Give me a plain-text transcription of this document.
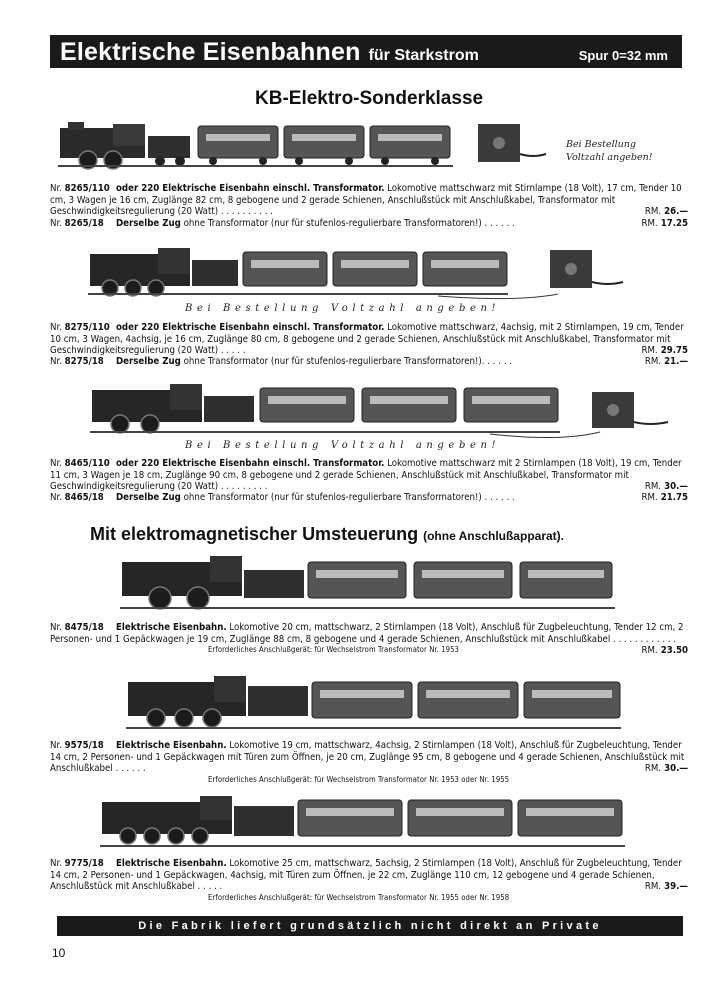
Elektrische Eisenbahnen für Starkstrom	Spur 0=32 mm
KB-Elektro-Sonderklasse
Bei Bestellung
Voltzahl angeben!
Nr. 8265/110 oder 220 Elektrische Eisenbahn einschl. Transformator. Lokomotive mattschwarz mit Stirnlampe (18 Volt), 17 cm, Tender 10 cm, 3 Wagen je 16 cm, Zuglänge 82 cm, 8 gebogene und 2 gerade Schienen, Anschlußstück mit Anschlußkabel, Transformator mit Geschwindigkeitsregulierung (20 Watt) . . . . . . . . . .	RM. 26.—
Nr. 8265/18	Derselbe Zug ohne Transformator (nur für stufenlos-regulierbare Transformatoren!) . . . . . .	RM. 17.25
Bei Bestellung Voltzahl angeben!
Nr. 8275/110 oder 220 Elektrische Eisenbahn einschl. Transformator. Lokomotive mattschwarz, 4achsig, mit 2 Stirnlampen, 19 cm, Tender 10 cm, 3 Wagen, 4achsig, je 16 cm, Zuglänge 80 cm, 8 gebogene und 2 gerade Schienen, Anschlußstück mit Anschlußkabel, Transformator mit Geschwindigkeitsregulierung (20 Watt) . . . . .	RM. 29.75
Nr. 8275/18	Derselbe Zug ohne Transformator (nur für stufenlos-regulierbare Transformatoren!). . . . . .	RM. 21.—
Bei Bestellung Voltzahl angeben!
Nr. 8465/110 oder 220 Elektrische Eisenbahn einschl. Transformator. Lokomotive mattschwarz mit 2 Stirnlampen (18 Volt), 19 cm, Tender 11 cm, 3 Wagen je 18 cm, Zuglänge 90 cm, 8 gebogene und 2 gerade Schienen, Anschlußstück mit Anschlußkabel, Transformator mit Geschwindigkeitsregulierung (20 Watt) . . . . . . . . .	RM. 30.—
Nr. 8465/18	Derselbe Zug ohne Transformator (nur für stufenlos-regulierbare Transformatoren!) . . . . . .	RM. 21.75
Mit elektromagnetischer Umsteuerung (ohne Anschlußapparat).
Nr. 8475/18	Elektrische Eisenbahn. Lokomotive 20 cm, mattschwarz, 2 Stirnlampen (18 Volt), Anschluß für Zugbeleuchtung, Tender 12 cm, 2 Personen- und 1 Gepäckwagen je 19 cm, Zuglänge 88 cm, 8 gebogene und 4 gerade Schienen, Anschlußstück mit Anschlußkabel . . . . . . . . . . . .
RM. 23.50
Erforderliches Anschlußgerät: für Wechselstrom Transformator Nr. 1953
Nr. 9575/18	Elektrische Eisenbahn. Lokomotive 19 cm, mattschwarz, 4achsig, 2 Stirnlampen (18 Volt), Anschluß für Zugbeleuchtung, Tender 14 cm, 2 Personen- und 1 Gepäckwagen mit Türen zum Öffnen, je 20 cm, Zuglänge 95 cm, 8 gebogene und 4 gerade Schienen, Anschlußstück mit Anschlußkabel . . . . . .	RM. 30.—
Erforderliches Anschlußgerät: für Wechselstrom Transformator Nr. 1953 oder Nr. 1955
Nr. 9775/18	Elektrische Eisenbahn. Lokomotive 25 cm, mattschwarz, 5achsig, 2 Stirnlampen (18 Volt), Anschluß für Zugbeleuchtung, Tender 14 cm, 2 Personen- und 1 Gepäckwagen, 4achsig, mit Türen zum Öffnen, je 22 cm, Zuglänge 110 cm, 12 gebogene und 4 gerade Schienen, Anschlußstück mit Anschlußkabel . . . . .	RM. 39.—
Erforderliches Anschlußgerät: für Wechselstrom Transformator Nr. 1955 oder Nr. 1958
Die Fabrik liefert grundsätzlich nicht direkt an Private
10
